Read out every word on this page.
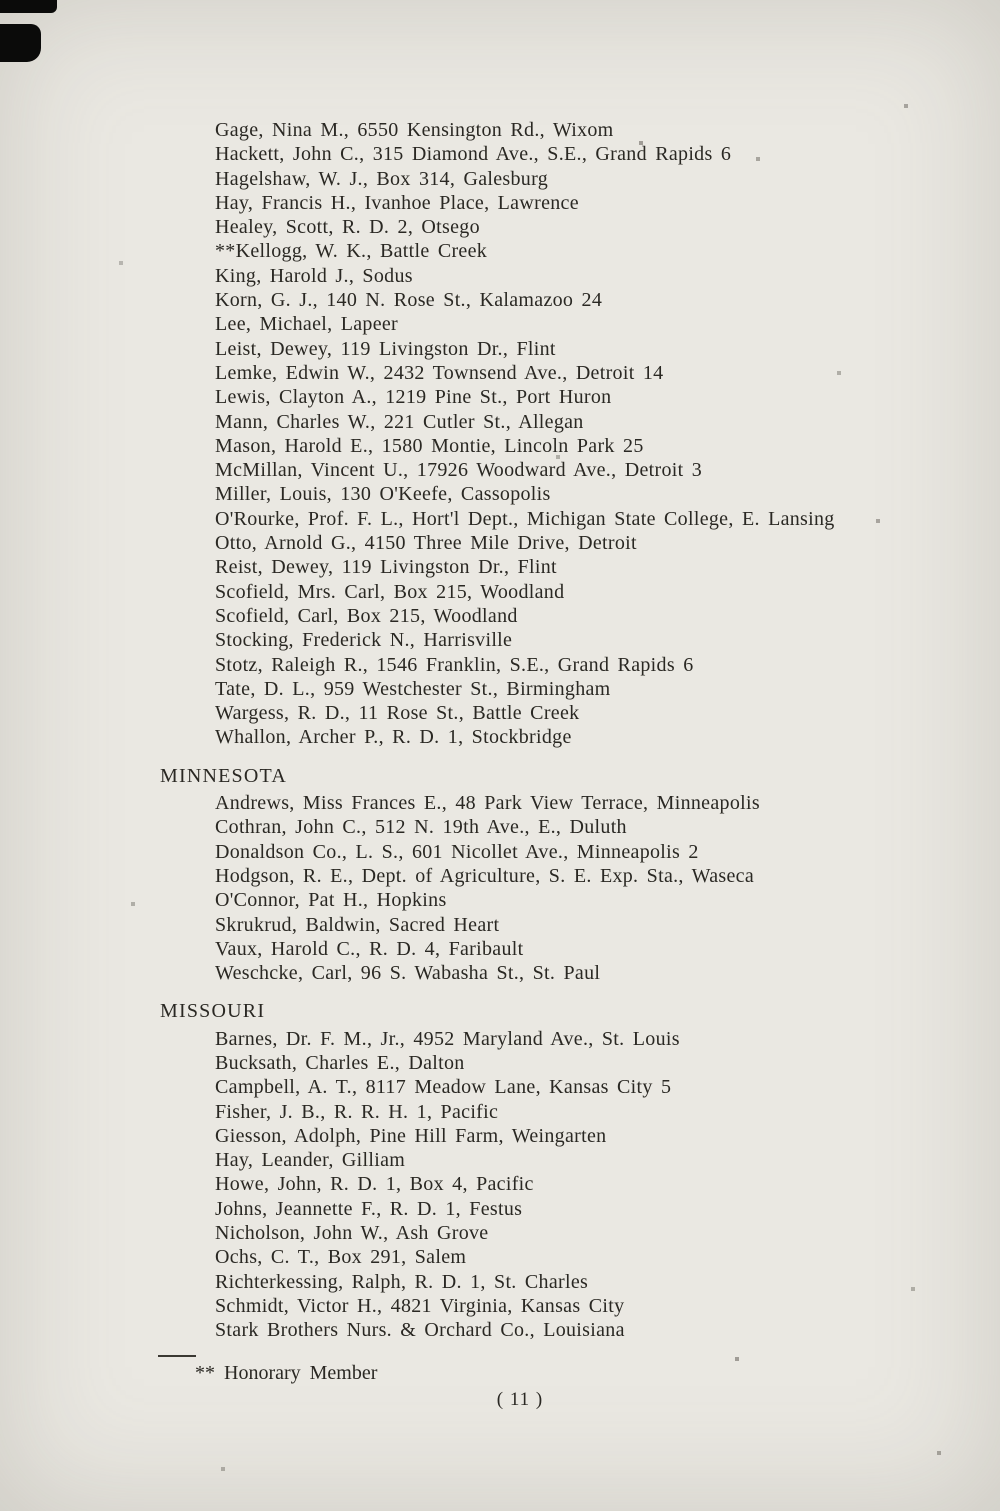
Gage, Nina M., 6550 Kensington Rd., Wixom
Hackett, John C., 315 Diamond Ave., S.E., Grand Rapids 6
Hagelshaw, W. J., Box 314, Galesburg
Hay, Francis H., Ivanhoe Place, Lawrence
Healey, Scott, R. D. 2, Otsego
**Kellogg, W. K., Battle Creek
King, Harold J., Sodus
Korn, G. J., 140 N. Rose St., Kalamazoo 24
Lee, Michael, Lapeer
Leist, Dewey, 119 Livingston Dr., Flint
Lemke, Edwin W., 2432 Townsend Ave., Detroit 14
Lewis, Clayton A., 1219 Pine St., Port Huron
Mann, Charles W., 221 Cutler St., Allegan
Mason, Harold E., 1580 Montie, Lincoln Park 25
McMillan, Vincent U., 17926 Woodward Ave., Detroit 3
Miller, Louis, 130 O'Keefe, Cassopolis
O'Rourke, Prof. F. L., Hort'l Dept., Michigan State College, E. Lansing
Otto, Arnold G., 4150 Three Mile Drive, Detroit
Reist, Dewey, 119 Livingston Dr., Flint
Scofield, Mrs. Carl, Box 215, Woodland
Scofield, Carl, Box 215, Woodland
Stocking, Frederick N., Harrisville
Stotz, Raleigh R., 1546 Franklin, S.E., Grand Rapids 6
Tate, D. L., 959 Westchester St., Birmingham
Wargess, R. D., 11 Rose St., Battle Creek
Whallon, Archer P., R. D. 1, Stockbridge
MINNESOTA
Andrews, Miss Frances E., 48 Park View Terrace, Minneapolis
Cothran, John C., 512 N. 19th Ave., E., Duluth
Donaldson Co., L. S., 601 Nicollet Ave., Minneapolis 2
Hodgson, R. E., Dept. of Agriculture, S. E. Exp. Sta., Waseca
O'Connor, Pat H., Hopkins
Skrukrud, Baldwin, Sacred Heart
Vaux, Harold C., R. D. 4, Faribault
Weschcke, Carl, 96 S. Wabasha St., St. Paul
MISSOURI
Barnes, Dr. F. M., Jr., 4952 Maryland Ave., St. Louis
Bucksath, Charles E., Dalton
Campbell, A. T., 8117 Meadow Lane, Kansas City 5
Fisher, J. B., R. R. H. 1, Pacific
Giesson, Adolph, Pine Hill Farm, Weingarten
Hay, Leander, Gilliam
Howe, John, R. D. 1, Box 4, Pacific
Johns, Jeannette F., R. D. 1, Festus
Nicholson, John W., Ash Grove
Ochs, C. T., Box 291, Salem
Richterkessing, Ralph, R. D. 1, St. Charles
Schmidt, Victor H., 4821 Virginia, Kansas City
Stark Brothers Nurs. & Orchard Co., Louisiana
** Honorary Member
( 11 )
